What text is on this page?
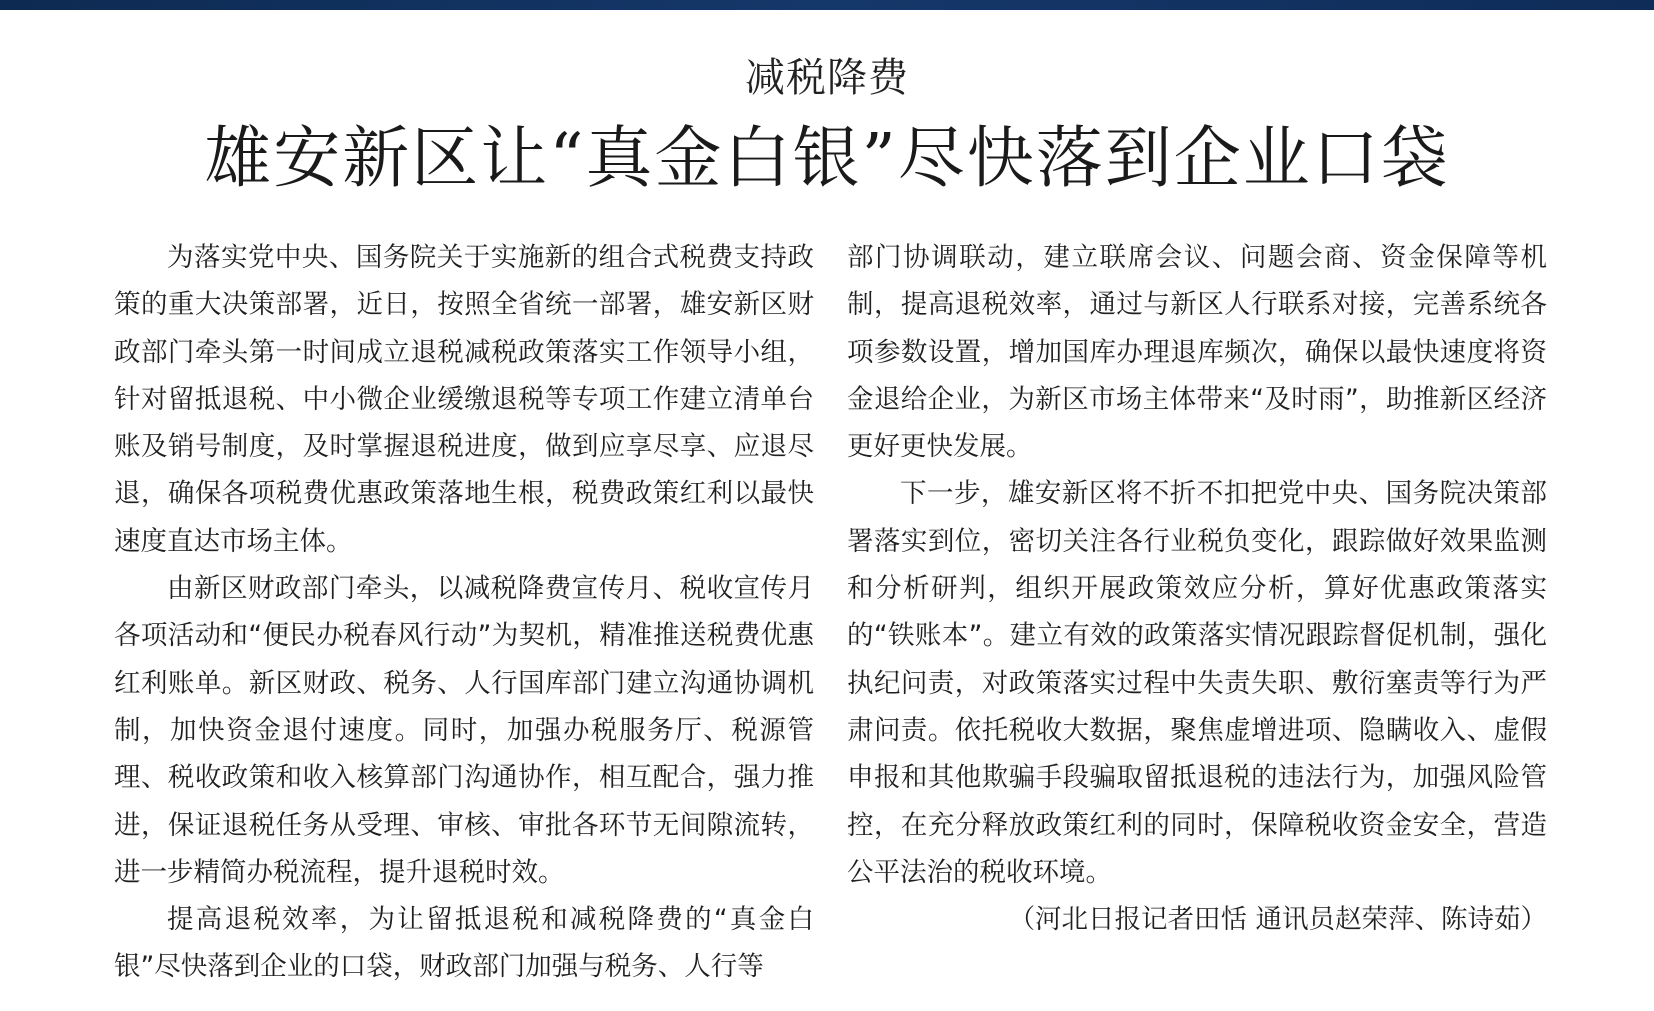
减税降费
雄安新区让“真金白银”尽快落到企业口袋

为落实党中央、国务院关于实施新的组合式税费支持政策的重大决策部署，近日，按照全省统一部署，雄安新区财政部门牵头第一时间成立退税减税政策落实工作领导小组，针对留抵退税、中小微企业缓缴退税等专项工作建立清单台账及销号制度，及时掌握退税进度，做到应享尽享、应退尽退，确保各项税费优惠政策落地生根，税费政策红利以最快速度直达市场主体。

由新区财政部门牵头，以减税降费宣传月、税收宣传月各项活动和“便民办税春风行动”为契机，精准推送税费优惠红利账单。新区财政、税务、人行国库部门建立沟通协调机制，加快资金退付速度。同时，加强办税服务厅、税源管理、税收政策和收入核算部门沟通协作，相互配合，强力推进，保证退税任务从受理、审核、审批各环节无间隙流转，进一步精简办税流程，提升退税时效。

提高退税效率，为让留抵退税和减税降费的“真金白银”尽快落到企业的口袋，财政部门加强与税务、人行等

部门协调联动，建立联席会议、问题会商、资金保障等机制，提高退税效率，通过与新区人行联系对接，完善系统各项参数设置，增加国库办理退库频次，确保以最快速度将资金退给企业，为新区市场主体带来“及时雨”，助推新区经济更好更快发展。

下一步，雄安新区将不折不扣把党中央、国务院决策部署落实到位，密切关注各行业税负变化，跟踪做好效果监测和分析研判，组织开展政策效应分析，算好优惠政策落实的“铁账本”。建立有效的政策落实情况跟踪督促机制，强化执纪问责，对政策落实过程中失责失职、敷衍塞责等行为严肃问责。依托税收大数据，聚焦虚增进项、隐瞒收入、虚假申报和其他欺骗手段骗取留抵退税的违法行为，加强风险管控，在充分释放政策红利的同时，保障税收资金安全，营造公平法治的税收环境。

（河北日报记者田恬 通讯员赵荣萍、陈诗茹）
